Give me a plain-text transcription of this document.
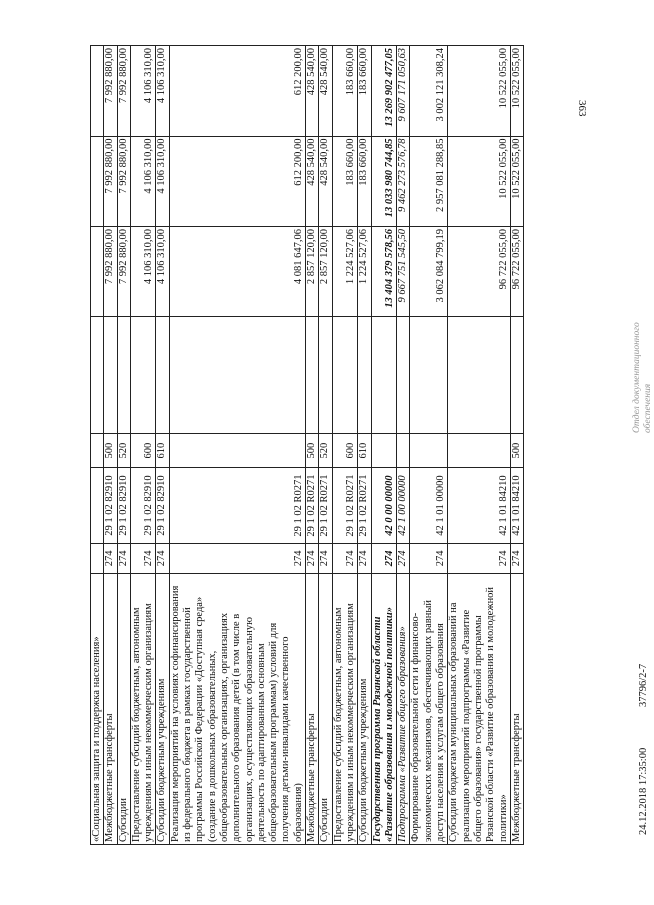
363
«Социальная защита и поддержка населения»							
Межбюджетные трансферты	274	29 1 02 82910	500		7 992 880,00	7 992 880,00	7 992 880,00
Субсидии	274	29 1 02 82910	520		7 992 880,00	7 992 880,00	7 992 880,00
Предоставление субсидий бюджетным, автономным учреждениям и иным некоммерческим организациям	274	29 1 02 82910	600		4 106 310,00	4 106 310,00	4 106 310,00
Субсидии бюджетным учреждениям	274	29 1 02 82910	610		4 106 310,00	4 106 310,00	4 106 310,00
Реализация мероприятий на условиях софинансирования из федерального бюджета в рамках государственной программы Российской Федерации «Доступная среда» (создание в дошкольных образовательных, общеобразовательных организациях, организациях дополнительного образования детей (в том числе в организациях, осуществляющих образовательную деятельность по адаптированным основным общеобразовательным программам) условий для получения детьми-инвалидами качественного образования)	274	29 1 02 R0271			4 081 647,06	612 200,00	612 200,00
Межбюджетные трансферты	274	29 1 02 R0271	500		2 857 120,00	428 540,00	428 540,00
Субсидии	274	29 1 02 R0271	520		2 857 120,00	428 540,00	428 540,00
Предоставление субсидий бюджетным, автономным учреждениям и иным некоммерческим организациям	274	29 1 02 R0271	600		1 224 527,06	183 660,00	183 660,00
Субсидии бюджетным учреждениям	274	29 1 02 R0271	610		1 224 527,06	183 660,00	183 660,00
Государственная программа Рязанской области «Развитие образования и молодежной политики»	274	42 0 00 00000			13 404 379 578,56	13 033 980 744,85	13 269 902 477,05
Подпрограмма «Развитие общего образования»	274	42 1 00 00000			9 667 751 545,50	9 462 273 576,78	9 607 171 050,63
Формирование образовательной сети и финансово-экономических механизмов, обеспечивающих равный доступ населения к услугам общего образования	274	42 1 01 00000			3 062 084 799,19	2 957 081 288,85	3 002 121 308,24
Субсидии бюджетам муниципальных образований на реализацию мероприятий подпрограммы «Развитие общего образования» государственной программы Рязанской области «Развитие образования и молодежной политики»	274	42 1 01 84210			96 722 055,00	10 522 055,00	10 522 055,00
Межбюджетные трансферты	274	42 1 01 84210	500		96 722 055,00	10 522 055,00	10 522 055,00
24.12.2018 17:35:00
37796/2-7
Отдел документационного
обеспечения
